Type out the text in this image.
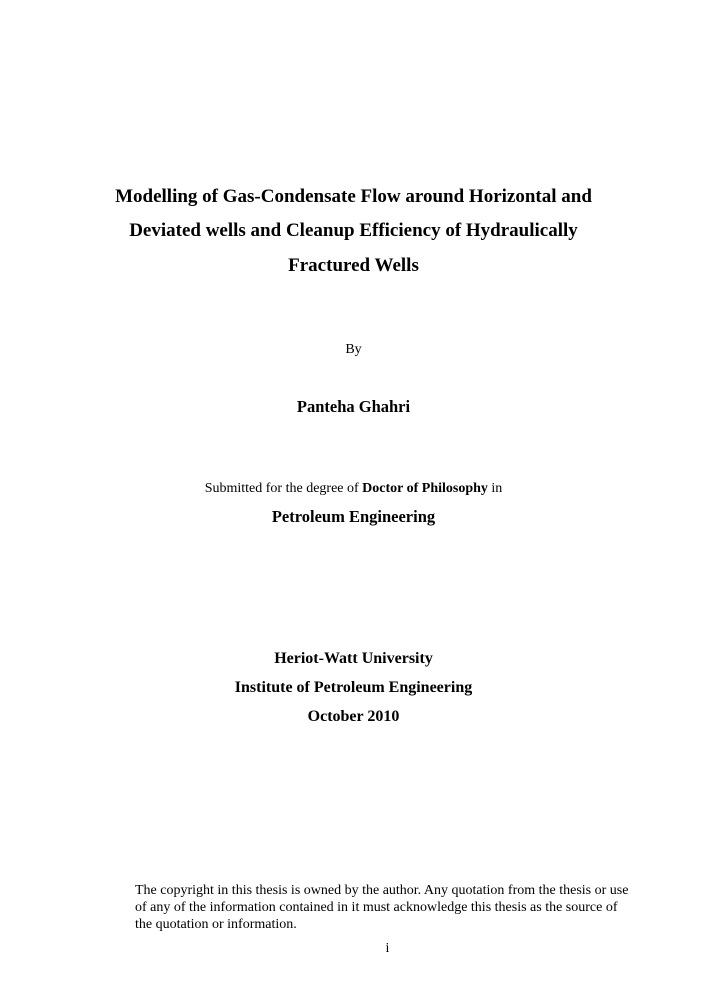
Modelling of Gas-Condensate Flow around Horizontal and
Deviated wells and Cleanup Efficiency of Hydraulically
Fractured Wells
By
Panteha Ghahri
Submitted for the degree of Doctor of Philosophy in
Petroleum Engineering
Heriot-Watt University
Institute of Petroleum Engineering
October 2010
The copyright in this thesis is owned by the author. Any quotation from the thesis or use
of any of the information contained in it must acknowledge this thesis as the source of
the quotation or information.
i
